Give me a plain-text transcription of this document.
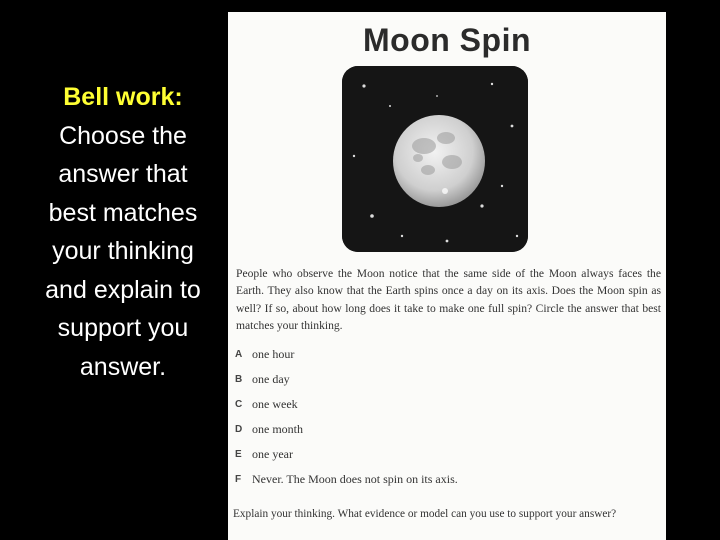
Bell work:
Choose the answer that best matches your thinking and explain to support you answer.
Moon Spin
People who observe the Moon notice that the same side of the Moon always faces the Earth. They also know that the Earth spins once a day on its axis. Does the Moon spin as well? If so, about how long does it take to make one full spin? Circle the answer that best matches your thinking.
A one hour
B one day
C one week
D one month
E one year
F Never. The Moon does not spin on its axis.
Explain your thinking. What evidence or model can you use to support your answer?
